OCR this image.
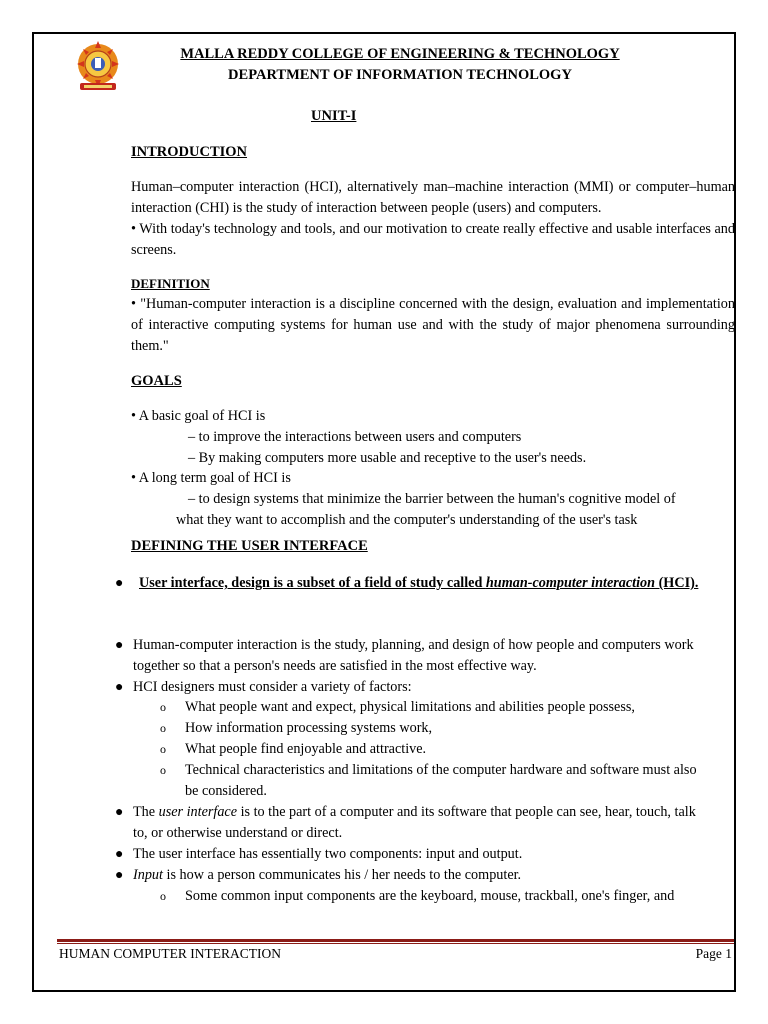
MALLA REDDY COLLEGE OF ENGINEERING & TECHNOLOGY
DEPARTMENT OF INFORMATION TECHNOLOGY
UNIT-I
INTRODUCTION
Human–computer interaction (HCI), alternatively man–machine interaction (MMI) or computer–human interaction (CHI) is the study of interaction between people (users) and computers.
• With today's technology and tools, and our motivation to create really effective and usable interfaces and screens.
DEFINITION
• "Human-computer interaction is a discipline concerned with the design, evaluation and implementation of interactive computing systems for human use and with the study of major phenomena surrounding them."
GOALS
• A basic goal of HCI is
– to improve the interactions between users and computers
– By making computers more usable and receptive to the user's needs.
• A long term goal of HCI is
– to design systems that minimize the barrier between the human's cognitive model of
what they want to accomplish and the computer's understanding of the user's task
DEFINING THE USER INTERFACE
● User interface, design is a subset of a field of study called human-computer interaction (HCI).
● Human-computer interaction is the study, planning, and design of how people and computers work together so that a person's needs are satisfied in the most effective way.
● HCI designers must consider a variety of factors:
o What people want and expect, physical limitations and abilities people possess,
o How information processing systems work,
o What people find enjoyable and attractive.
o Technical characteristics and limitations of the computer hardware and software must also be considered.
● The user interface is to the part of a computer and its software that people can see, hear, touch, talk to, or otherwise understand or direct.
● The user interface has essentially two components: input and output.
● Input is how a person communicates his / her needs to the computer.
o Some common input components are the keyboard, mouse, trackball, one's finger, and
HUMAN COMPUTER INTERACTION	Page 1
